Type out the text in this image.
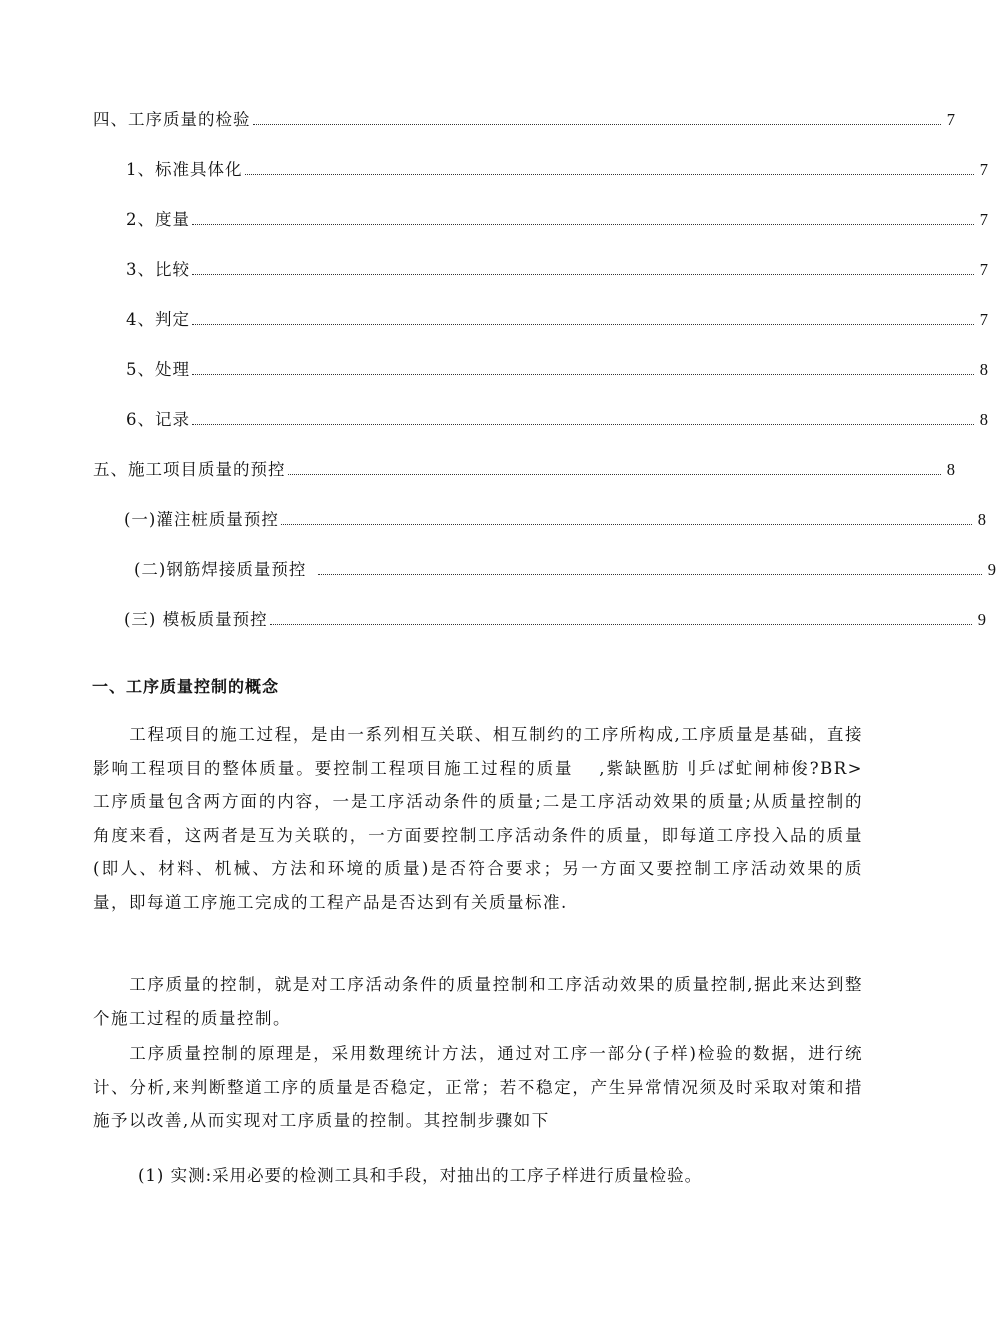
四、工序质量的检验	7
1、标准具体化	7
2、度量	7
3、比较	7
4、判定	7
5、处理	8
6、记录	8
五、施工项目质量的预控	8
(一)灌注桩质量预控	8
(二)钢筋焊接质量预控	9
(三) 模板质量预控	9
一、工序质量控制的概念

工程项目的施工过程，是由一系列相互关联、相互制约的工序所构成,工序质量是基础，直接影响工程项目的整体质量。要控制工程项目施工过程的质量　 ,紫缺匦肪刂乒ば虻闸柿俊?BR>　工序质量包含两方面的内容，一是工序活动条件的质量;二是工序活动效果的质量;从质量控制的角度来看，这两者是互为关联的，一方面要控制工序活动条件的质量，即每道工序投入品的质量 (即人、材料、机械、方法和环境的质量)是否符合要求；另一方面又要控制工序活动效果的质量，即每道工序施工完成的工程产品是否达到有关质量标准.

工序质量的控制，就是对工序活动条件的质量控制和工序活动效果的质量控制,据此来达到整个施工过程的质量控制。

工序质量控制的原理是，采用数理统计方法，通过对工序一部分(子样)检验的数据，进行统计、分析,来判断整道工序的质量是否稳定，正常；若不稳定，产生异常情况须及时采取对策和措施予以改善,从而实现对工序质量的控制。其控制步骤如下

(1) 实测:采用必要的检测工具和手段，对抽出的工序子样进行质量检验。
